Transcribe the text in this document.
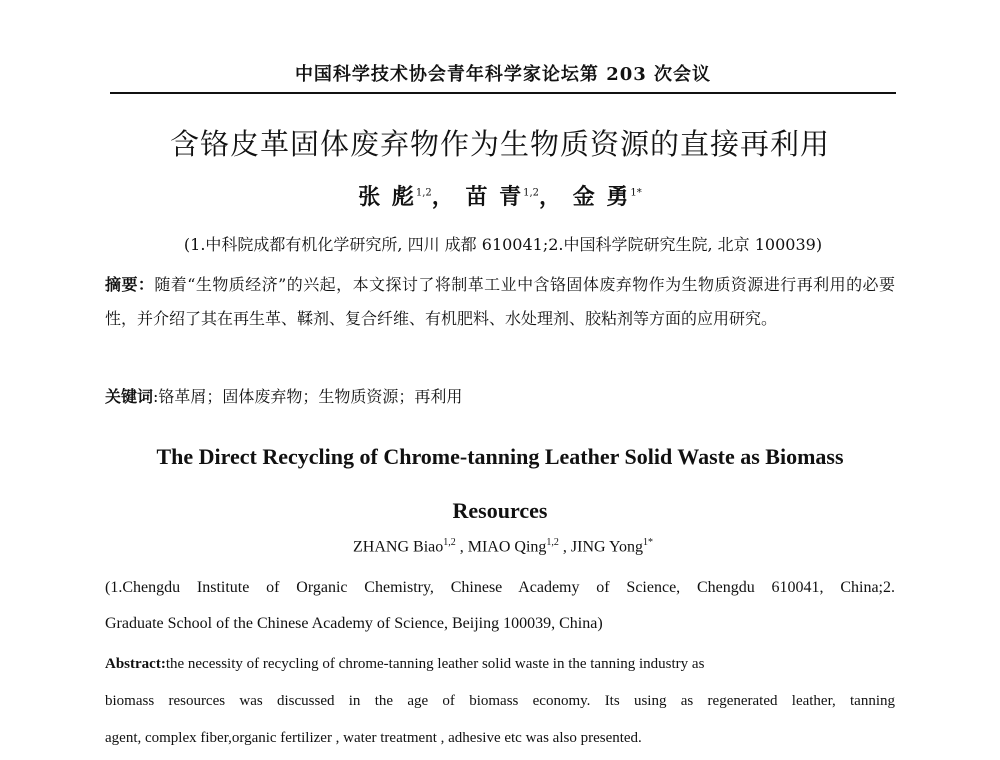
中国科学技术协会青年科学家论坛第 203 次会议
含铬皮革固体废弃物作为生物质资源的直接再利用
张 彪$^{1,2}$， 苗 青$^{1,2}$， 金 勇$^{1*}$
(1.中科院成都有机化学研究所, 四川 成都 610041;2.中国科学院研究生院, 北京 100039)
摘要：随着“生物质经济”的兴起，本文探讨了将制革工业中含铬固体废弃物作为生物质资源进行再利用的必要性，并介绍了其在再生革、鞣剂、复合纤维、有机肥料、水处理剂、胶粘剂等方面的应用研究。
关键词:铬革屑；固体废弃物；生物质资源；再利用
The Direct Recycling of Chrome-tanning Leather Solid Waste as Biomass
Resources
ZHANG Biao$^{1,2}$ , MIAO Qing$^{1,2}$ , JING Yong$^{1*}$
(1.Chengdu Institute of Organic Chemistry, Chinese Academy of Science, Chengdu 610041, China;2.
Graduate School of the Chinese Academy of Science, Beijing 100039, China)
Abstract:the necessity of recycling of chrome-tanning leather solid waste in the tanning industry as
biomass resources was discussed in the age of biomass economy. Its using as regenerated leather, tanning
agent, complex fiber,organic fertilizer , water treatment , adhesive etc was also presented.
